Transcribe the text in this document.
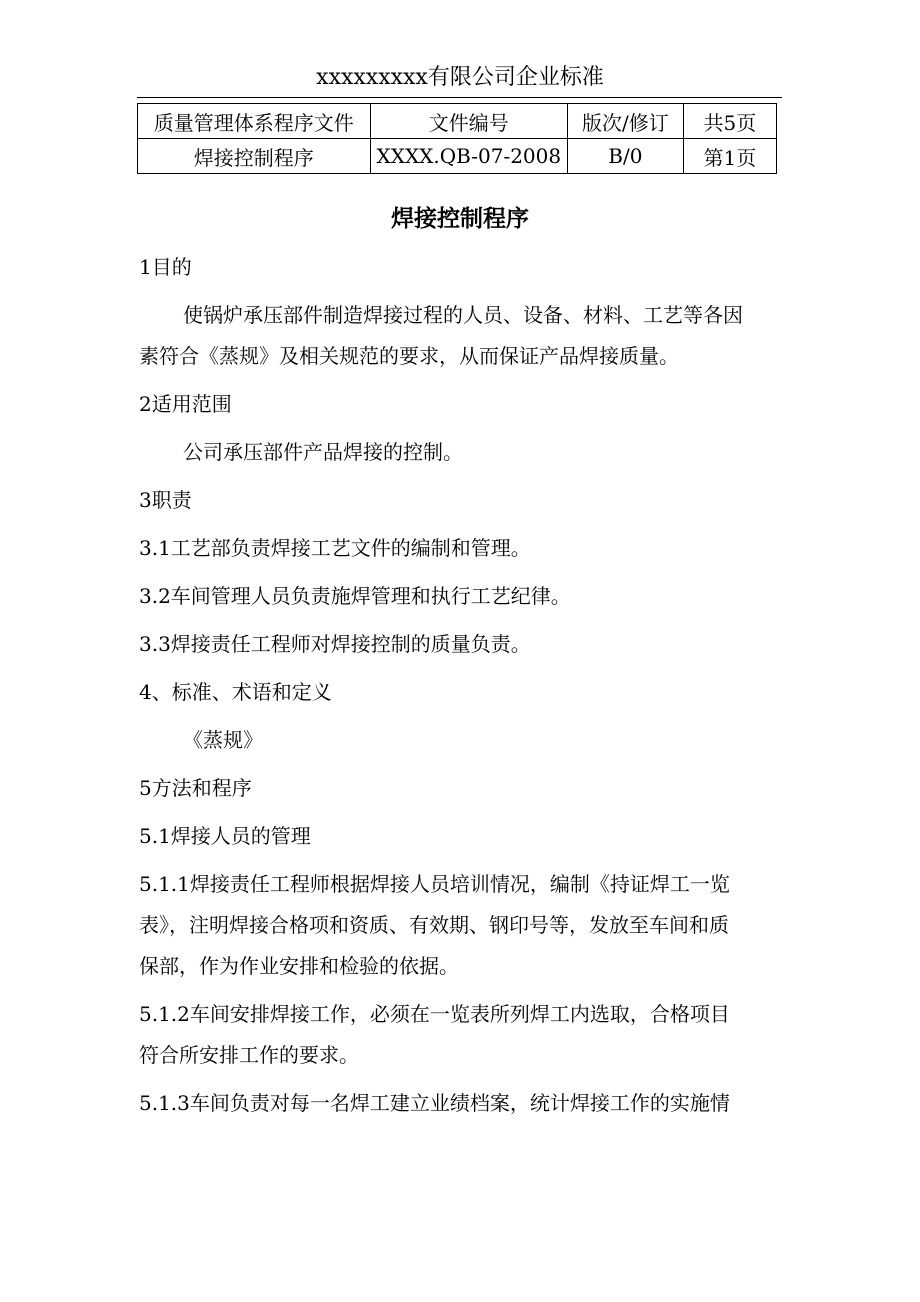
xxxxxxxxx有限公司企业标准
质量管理体系程序文件	文件编号	版次/修订	共5页
焊接控制程序	XXXX.QB-07-2008	B/0	第1页
焊接控制程序
1目的
使锅炉承压部件制造焊接过程的人员、设备、材料、工艺等各因
素符合《蒸规》及相关规范的要求，从而保证产品焊接质量。
2适用范围
公司承压部件产品焊接的控制。
3职责
3.1工艺部负责焊接工艺文件的编制和管理。
3.2车间管理人员负责施焊管理和执行工艺纪律。
3.3焊接责任工程师对焊接控制的质量负责。
4、标准、术语和定义
《蒸规》
5方法和程序
5.1焊接人员的管理
5.1.1焊接责任工程师根据焊接人员培训情况，编制《持证焊工一览
表》，注明焊接合格项和资质、有效期、钢印号等，发放至车间和质
保部，作为作业安排和检验的依据。
5.1.2车间安排焊接工作，必须在一览表所列焊工内选取，合格项目
符合所安排工作的要求。
5.1.3车间负责对每一名焊工建立业绩档案，统计焊接工作的实施情
